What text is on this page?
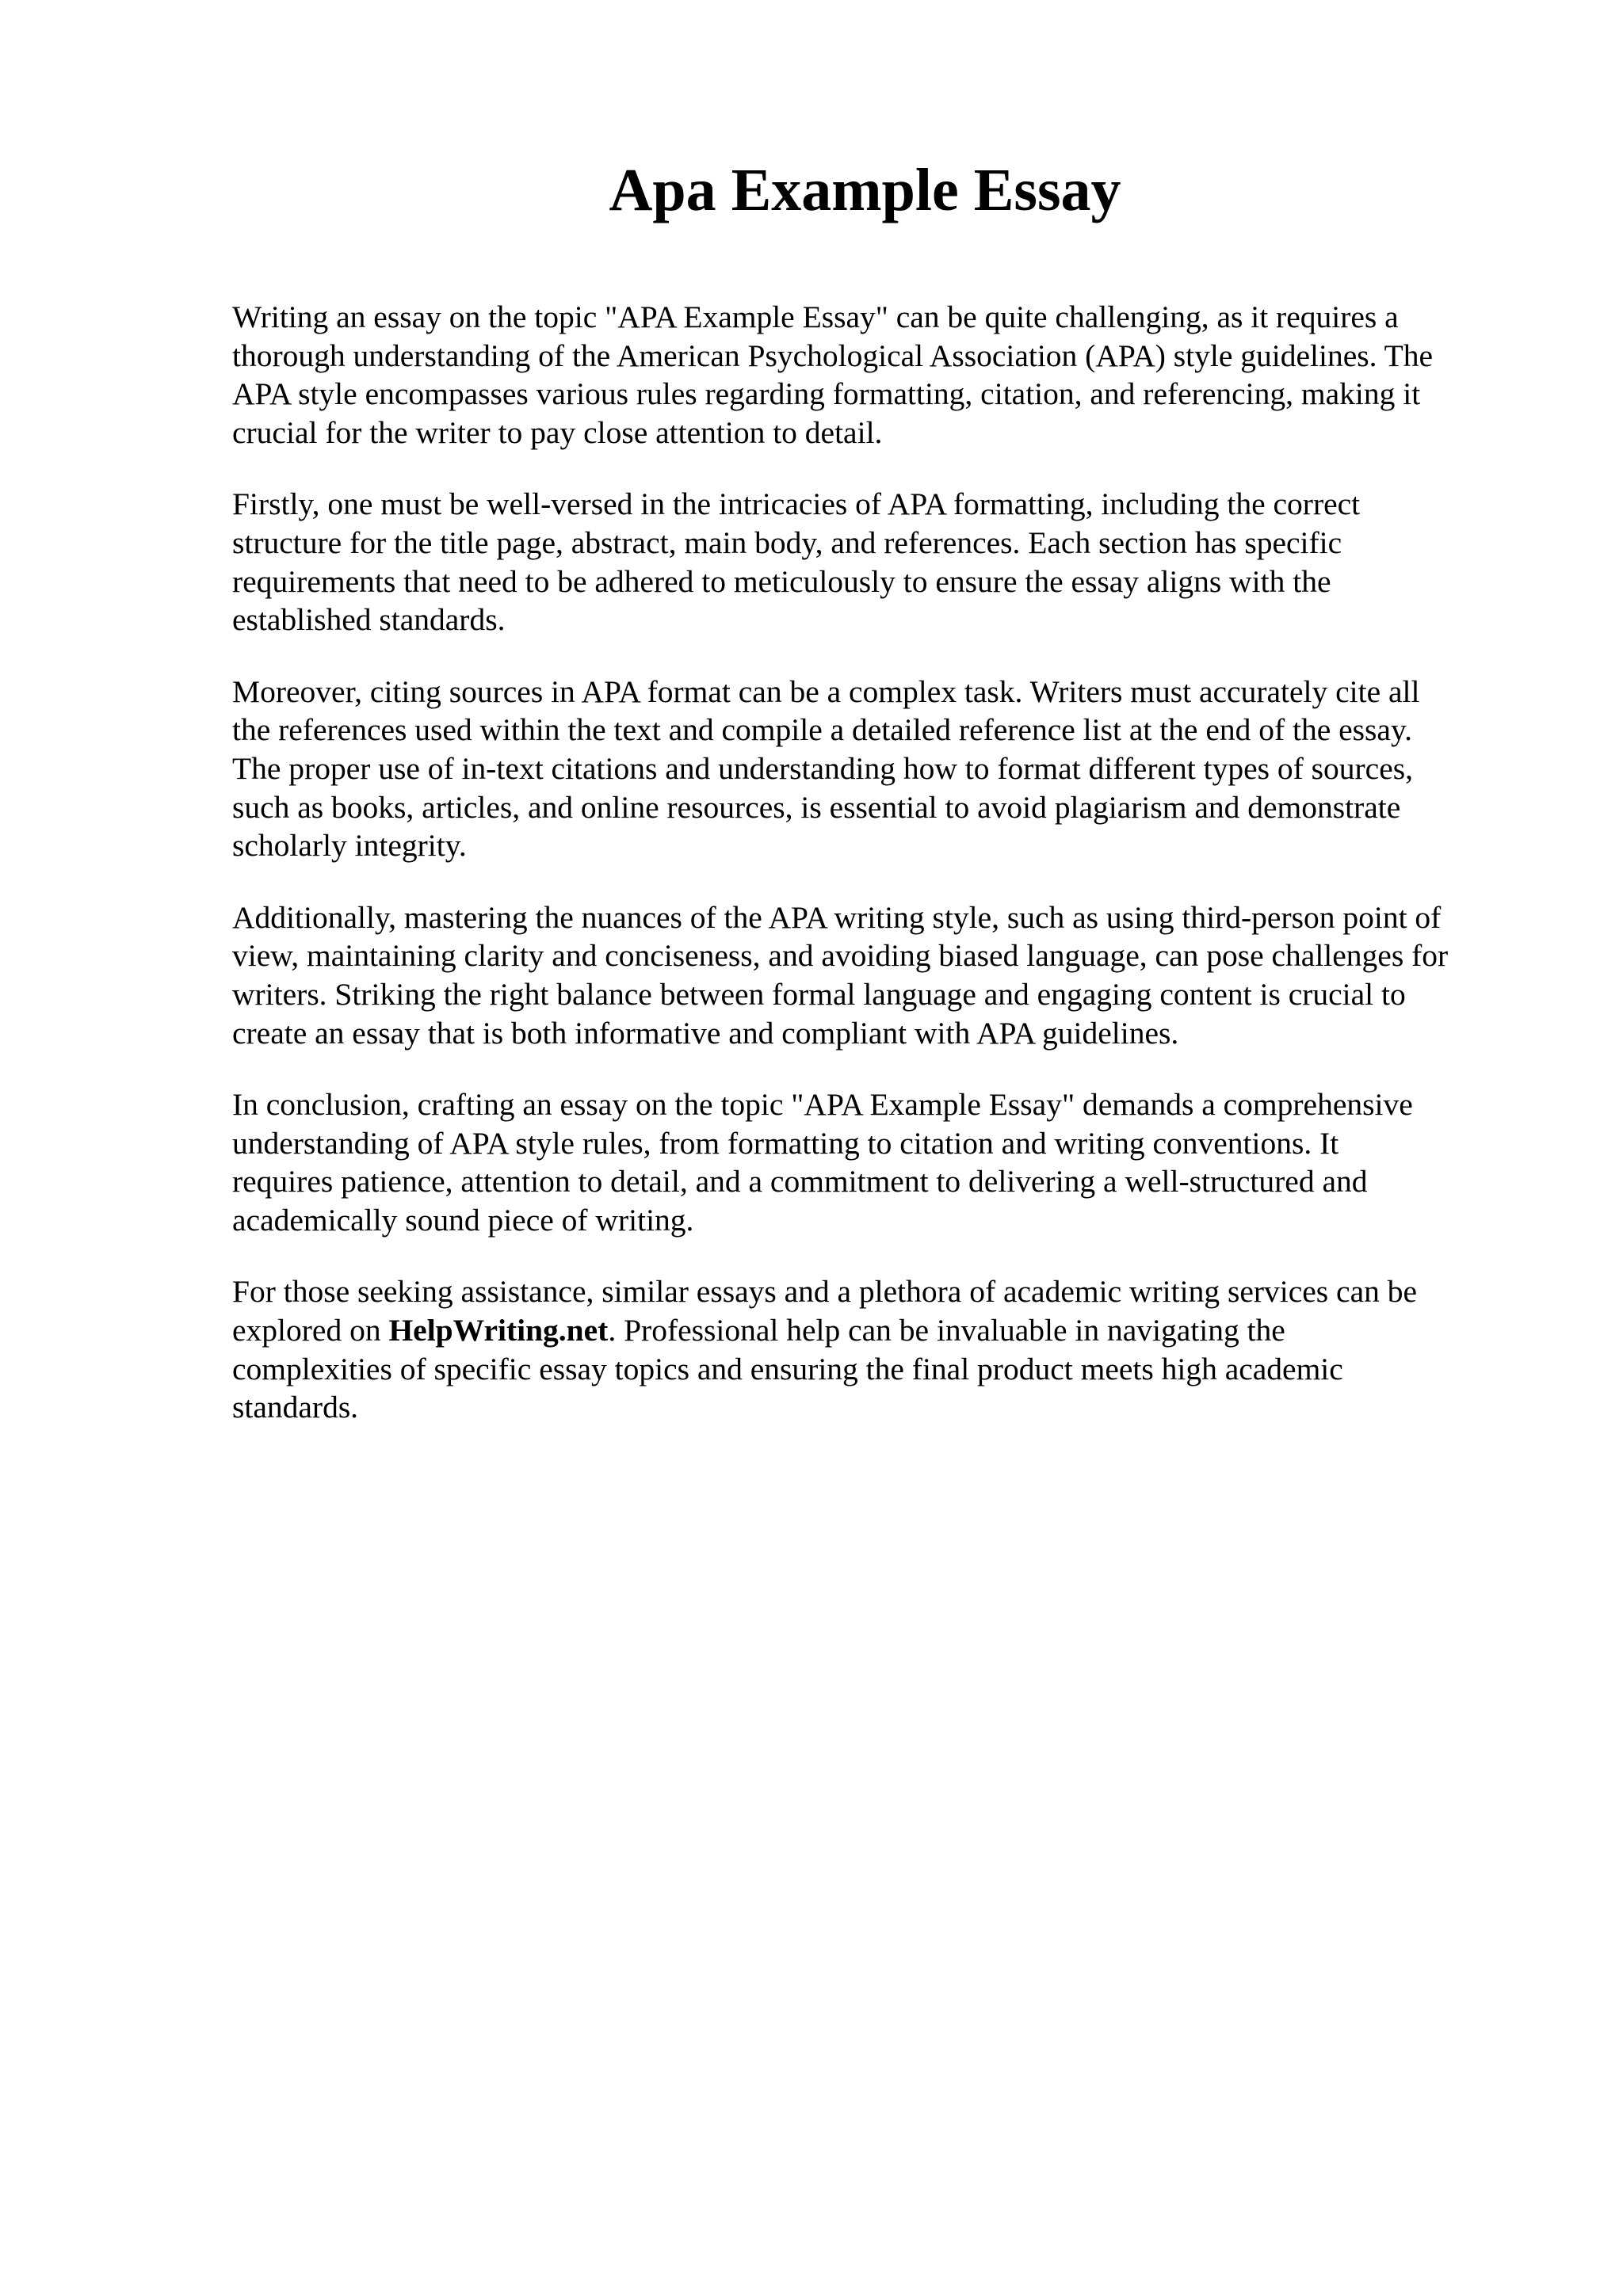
Apa Example Essay

Writing an essay on the topic "APA Example Essay" can be quite challenging, as it requires a
thorough understanding of the American Psychological Association (APA) style guidelines. The
APA style encompasses various rules regarding formatting, citation, and referencing, making it
crucial for the writer to pay close attention to detail.

Firstly, one must be well-versed in the intricacies of APA formatting, including the correct
structure for the title page, abstract, main body, and references. Each section has specific
requirements that need to be adhered to meticulously to ensure the essay aligns with the
established standards.

Moreover, citing sources in APA format can be a complex task. Writers must accurately cite all
the references used within the text and compile a detailed reference list at the end of the essay.
The proper use of in-text citations and understanding how to format different types of sources,
such as books, articles, and online resources, is essential to avoid plagiarism and demonstrate
scholarly integrity.

Additionally, mastering the nuances of the APA writing style, such as using third-person point of
view, maintaining clarity and conciseness, and avoiding biased language, can pose challenges for
writers. Striking the right balance between formal language and engaging content is crucial to
create an essay that is both informative and compliant with APA guidelines.

In conclusion, crafting an essay on the topic "APA Example Essay" demands a comprehensive
understanding of APA style rules, from formatting to citation and writing conventions. It
requires patience, attention to detail, and a commitment to delivering a well-structured and
academically sound piece of writing.

For those seeking assistance, similar essays and a plethora of academic writing services can be
explored on HelpWriting.net. Professional help can be invaluable in navigating the
complexities of specific essay topics and ensuring the final product meets high academic
standards.
